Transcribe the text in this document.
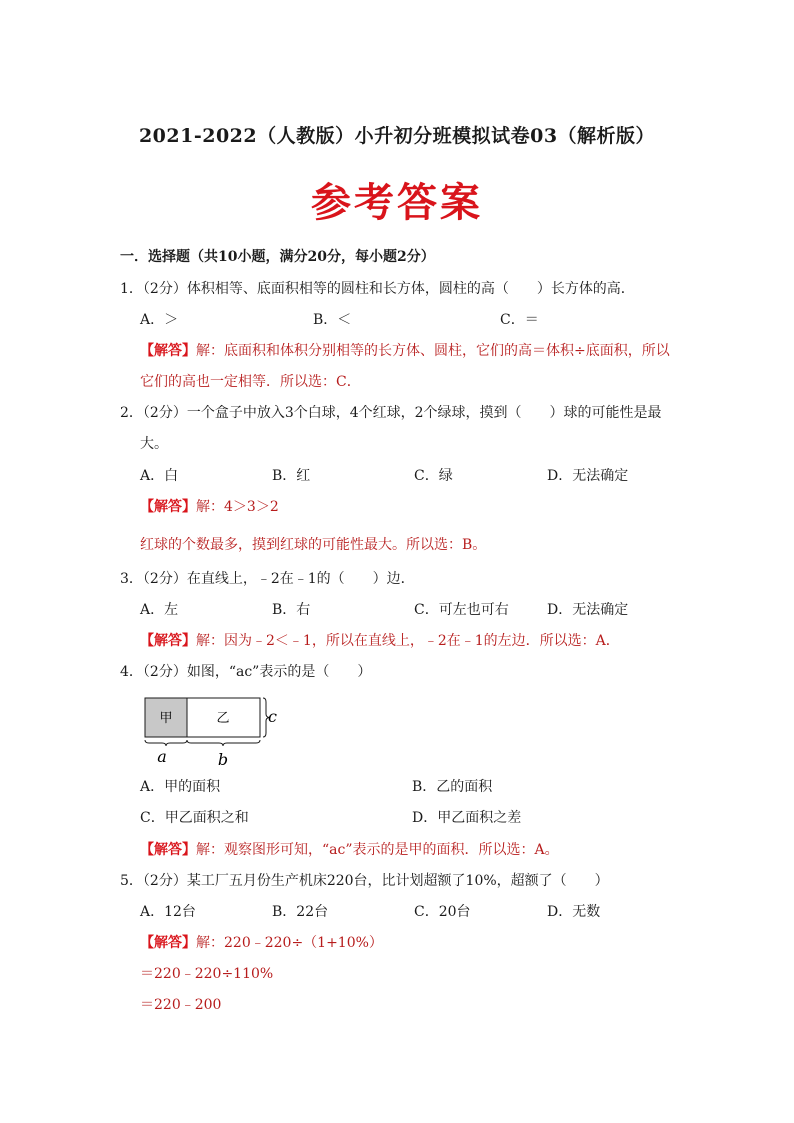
2021-2022（人教版）小升初分班模拟试卷03（解析版）
参考答案
一．选择题（共10小题，满分20分，每小题2分）
1．（2分）体积相等、底面积相等的圆柱和长方体，圆柱的高（　　）长方体的高．
A．＞	B．＜	C．＝
【解答】解：底面积和体积分别相等的长方体、圆柱，它们的高＝体积÷底面积，所以
它们的高也一定相等．所以选：C．
2．（2分）一个盒子中放入3个白球，4个红球，2个绿球，摸到（　　）球的可能性是最
大。
A．白	B．红	C．绿	D．无法确定
【解答】解：4＞3＞2
红球的个数最多，摸到红球的可能性最大。所以选：B。
3．（2分）在直线上，﹣2在﹣1的（　　）边．
A．左	B．右	C．可左也可右	D．无法确定
【解答】解：因为﹣2＜﹣1，所以在直线上，﹣2在﹣1的左边．所以选：A．
4．（2分）如图，“ac”表示的是（　　）
甲	乙 c
a	b
A．甲的面积	B．乙的面积
C．甲乙面积之和	D．甲乙面积之差
【解答】解：观察图形可知，“ac”表示的是甲的面积．所以选：A。
5．（2分）某工厂五月份生产机床220台，比计划超额了10%，超额了（　　）
A．12台	B．22台	C．20台	D．无数
【解答】解：220﹣220÷（1+10%）
＝220﹣220÷110%
＝220﹣200
